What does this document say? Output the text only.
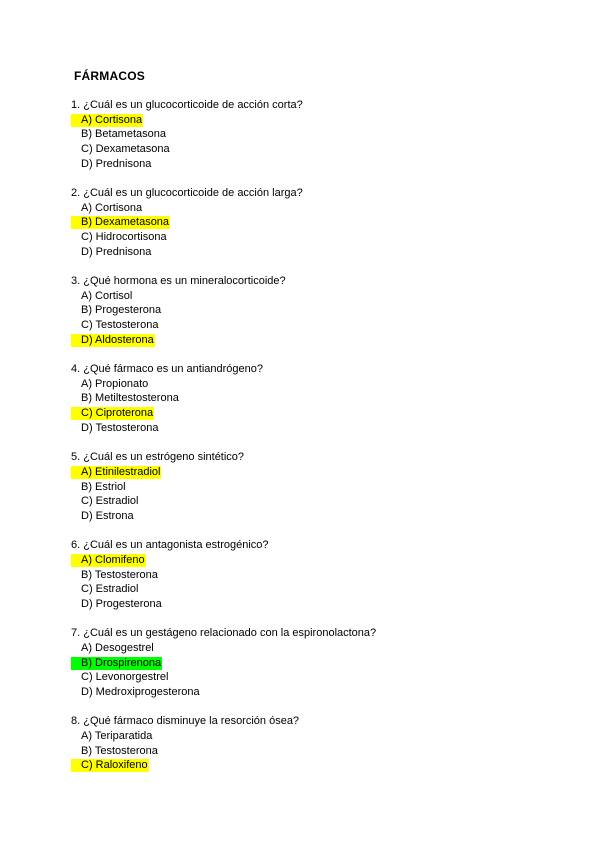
FÁRMACOS
1. ¿Cuál es un glucocorticoide de acción corta?
A) Cortisona
B) Betametasona
C) Dexametasona
D) Prednisona
2. ¿Cuál es un glucocorticoide de acción larga?
A) Cortisona
B) Dexametasona
C) Hidrocortisona
D) Prednisona
3. ¿Qué hormona es un mineralocorticoide?
A) Cortisol
B) Progesterona
C) Testosterona
D) Aldosterona
4. ¿Qué fármaco es un antiandrógeno?
A) Propionato
B) Metiltestosterona
C) Ciproterona
D) Testosterona
5. ¿Cuál es un estrógeno sintético?
A) Etinilestradiol
B) Estriol
C) Estradiol
D) Estrona
6. ¿Cuál es un antagonista estrogénico?
A) Clomifeno
B) Testosterona
C) Estradiol
D) Progesterona
7. ¿Cuál es un gestágeno relacionado con la espironolactona?
A) Desogestrel
B) Drospirenona
C) Levonorgestrel
D) Medroxiprogesterona
8. ¿Qué fármaco disminuye la resorción ósea?
A) Teriparatida
B) Testosterona
C) Raloxifeno
